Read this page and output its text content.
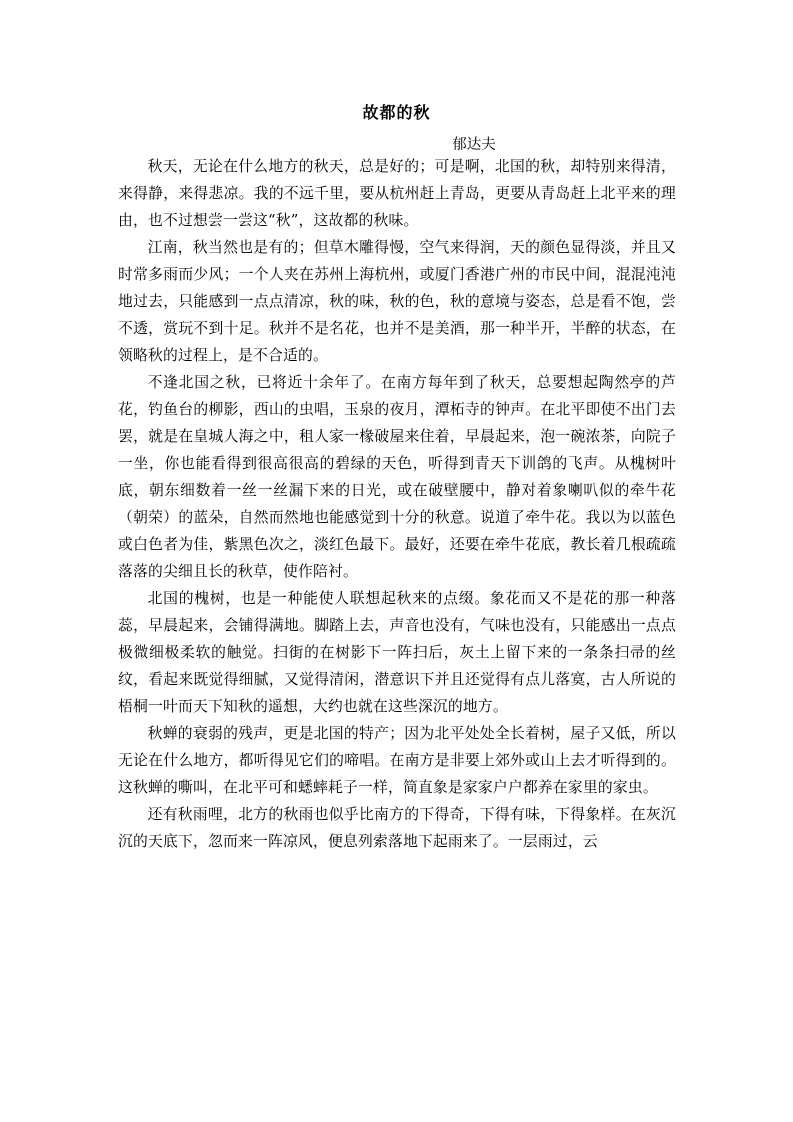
故都的秋
郁达夫

秋天，无论在什么地方的秋天，总是好的；可是啊，北国的秋，却特别来得清，来得静，来得悲凉。我的不远千里，要从杭州赶上青岛，更要从青岛赶上北平来的理由，也不过想尝一尝这“秋”，这故都的秋味。

江南，秋当然也是有的；但草木雕得慢，空气来得润，天的颜色显得淡，并且又时常多雨而少风；一个人夹在苏州上海杭州，或厦门香港广州的市民中间，混混沌沌地过去，只能感到一点点清凉，秋的味，秋的色，秋的意境与姿态，总是看不饱，尝不透，赏玩不到十足。秋并不是名花，也并不是美酒，那一种半开，半醉的状态，在领略秋的过程上，是不合适的。

不逢北国之秋，已将近十余年了。在南方每年到了秋天，总要想起陶然亭的芦花，钓鱼台的柳影，西山的虫唱，玉泉的夜月，潭柘寺的钟声。在北平即使不出门去罢，就是在皇城人海之中，租人家一椽破屋来住着，早晨起来，泡一碗浓茶，向院子一坐，你也能看得到很高很高的碧绿的天色，听得到青天下训鸽的飞声。从槐树叶底，朝东细数着一丝一丝漏下来的日光，或在破壁腰中，静对着象喇叭似的牵牛花（朝荣）的蓝朵，自然而然地也能感觉到十分的秋意。说道了牵牛花。我以为以蓝色或白色者为佳，紫黑色次之，淡红色最下。最好，还要在牵牛花底，教长着几根疏疏落落的尖细且长的秋草，使作陪衬。

北国的槐树，也是一种能使人联想起秋来的点缀。象花而又不是花的那一种落蕊，早晨起来，会铺得满地。脚踏上去，声音也没有，气味也没有，只能感出一点点极微细极柔软的触觉。扫街的在树影下一阵扫后，灰土上留下来的一条条扫帚的丝纹，看起来既觉得细腻，又觉得清闲，潜意识下并且还觉得有点儿落寞，古人所说的梧桐一叶而天下知秋的遥想，大约也就在这些深沉的地方。

秋蝉的衰弱的残声，更是北国的特产；因为北平处处全长着树，屋子又低，所以无论在什么地方，都听得见它们的啼唱。在南方是非要上郊外或山上去才听得到的。这秋蝉的嘶叫，在北平可和蟋蟀耗子一样，简直象是家家户户都养在家里的家虫。

还有秋雨哩，北方的秋雨也似乎比南方的下得奇，下得有味，下得象样。在灰沉沉的天底下，忽而来一阵凉风，便息列索落地下起雨来了。一层雨过，云
